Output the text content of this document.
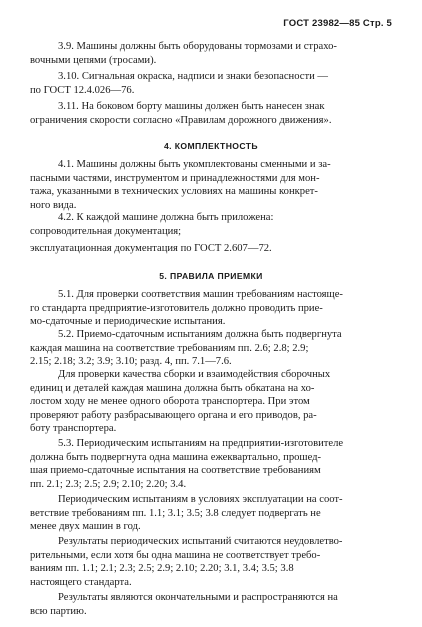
ГОСТ 23982—85 Стр. 5
3.9. Машины должны быть оборудованы тормозами и страхо-
вочными цепями (тросами).
3.10. Сигнальная окраска, надписи и знаки безопасности —
по ГОСТ 12.4.026—76.
3.11. На боковом борту машины должен быть нанесен знак
ограничения скорости согласно «Правилам дорожного движения».
4. КОМПЛЕКТНОСТЬ
4.1. Машины должны быть укомплектованы сменными и за-
пасными частями, инструментом и принадлежностями для мон-
тажа, указанными в технических условиях на машины конкрет-
ного вида.
4.2. К каждой машине должна быть приложена:
сопроводительная документация;
эксплуатационная документация по ГОСТ 2.607—72.
5. ПРАВИЛА ПРИЕМКИ
5.1. Для проверки соответствия машин требованиям настояще-
го стандарта предприятие-изготовитель должно проводить прие-
мо-сдаточные и периодические испытания.
5.2. Приемо-сдаточным испытаниям должна быть подвергнута
каждая машина на соответствие требованиям пп. 2.6; 2.8; 2.9;
2.15; 2.18; 3.2; 3.9; 3.10; разд. 4, пп. 7.1—7.6.
Для проверки качества сборки и взаимодействия сборочных
единиц и деталей каждая машина должна быть обкатана на хо-
лостом ходу не менее одного оборота транспортера. При этом
проверяют работу разбрасывающего органа и его приводов, ра-
боту транспортера.
5.3. Периодическим испытаниям на предприятии-изготовителе
должна быть подвергнута одна машина ежеквартально, прошед-
шая приемо-сдаточные испытания на соответствие требованиям
пп. 2.1; 2.3; 2.5; 2.9; 2.10; 2.20; 3.4.
Периодическим испытаниям в условиях эксплуатации на соот-
ветствие требованиям пп. 1.1; 3.1; 3.5; 3.8 следует подвергать не
менее двух машин в год.
Результаты периодических испытаний считаются неудовлетво-
рительными, если хотя бы одна машина не соответствует требо-
ваниям пп. 1.1; 2.1; 2.3; 2.5; 2.9; 2.10; 2.20; 3.1, 3.4; 3.5; 3.8
настоящего стандарта.
Результаты являются окончательными и распространяются на
всю партию.
